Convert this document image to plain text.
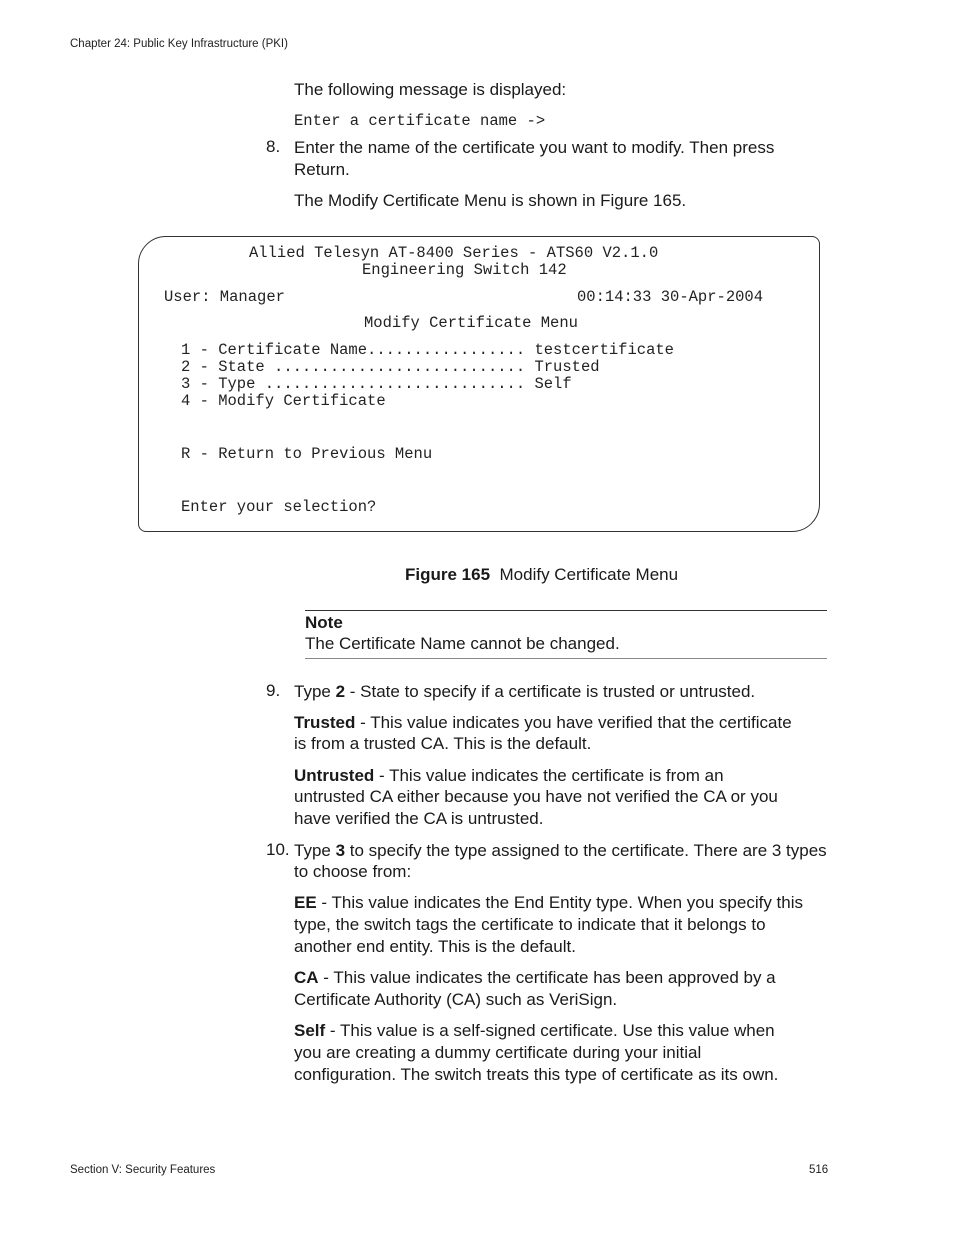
Chapter 24: Public Key Infrastructure (PKI)
The following message is displayed:
Enter a certificate name ->
8. Enter the name of the certificate you want to modify. Then press
Return.
The Modify Certificate Menu is shown in Figure 165.
Allied Telesyn AT-8400 Series - ATS60 V2.1.0
Engineering Switch 142
User: Manager	00:14:33 30-Apr-2004
Modify Certificate Menu
1 - Certificate Name................. testcertificate
2 - State ........................... Trusted
3 - Type ............................ Self
4 - Modify Certificate
R - Return to Previous Menu
Enter your selection?
Figure 165 Modify Certificate Menu
Note
The Certificate Name cannot be changed.
9. Type 2 - State to specify if a certificate is trusted or untrusted.
Trusted - This value indicates you have verified that the certificate
is from a trusted CA. This is the default.
Untrusted - This value indicates the certificate is from an
untrusted CA either because you have not verified the CA or you
have verified the CA is untrusted.
10. Type 3 to specify the type assigned to the certificate. There are 3 types
to choose from:
EE - This value indicates the End Entity type. When you specify this
type, the switch tags the certificate to indicate that it belongs to
another end entity. This is the default.
CA - This value indicates the certificate has been approved by a
Certificate Authority (CA) such as VeriSign.
Self - This value is a self-signed certificate. Use this value when
you are creating a dummy certificate during your initial
configuration. The switch treats this type of certificate as its own.
Section V: Security Features	516
